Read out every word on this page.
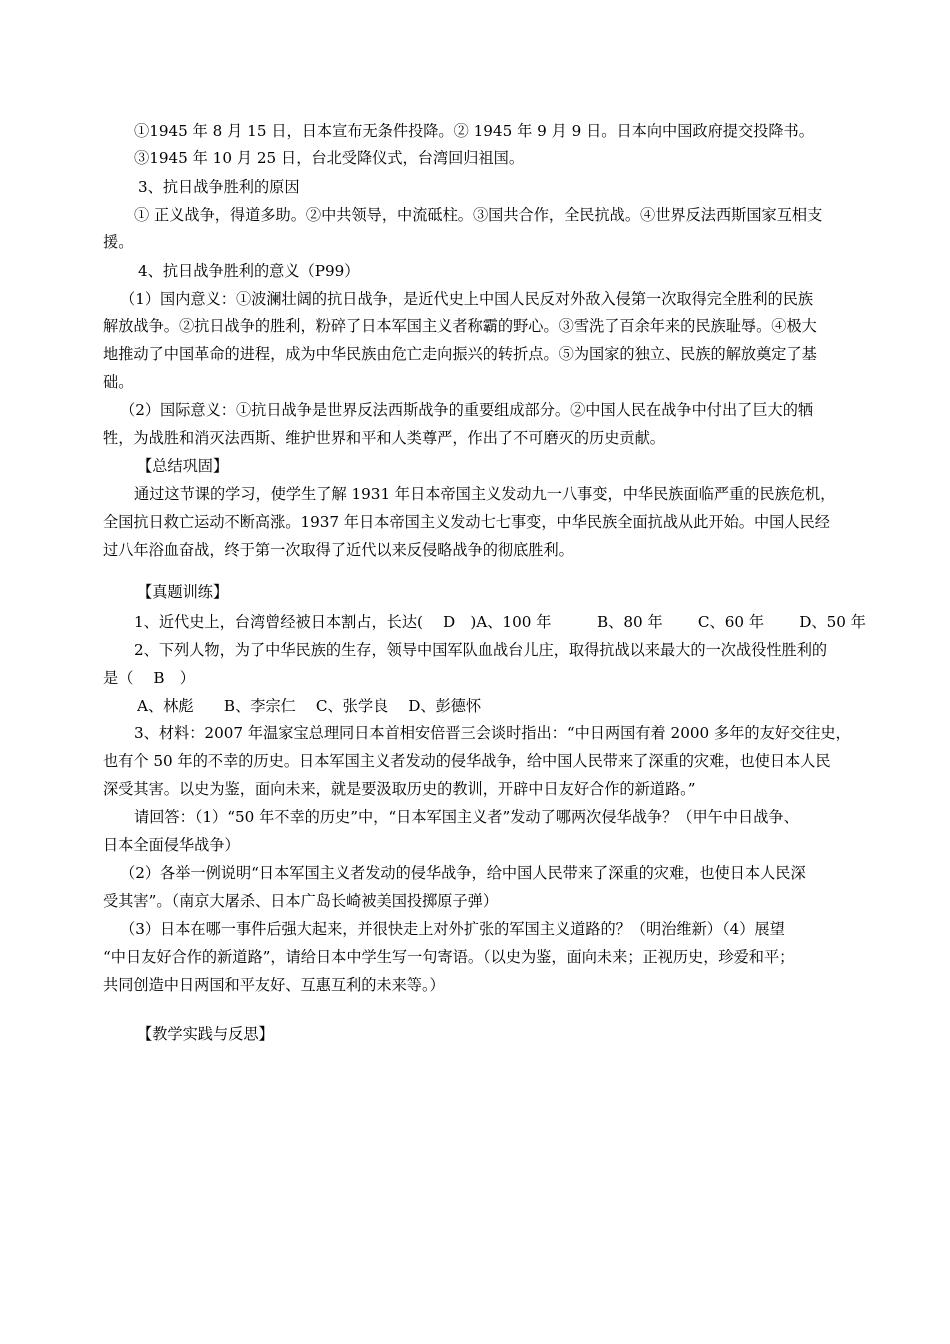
①1945 年 8 月 15 日，日本宣布无条件投降。② 1945 年 9 月 9 日。日本向中国政府提交投降书。
③1945 年 10 月 25 日，台北受降仪式，台湾回归祖国。
3、抗日战争胜利的原因
① 正义战争，得道多助。②中共领导，中流砥柱。③国共合作，全民抗战。④世界反法西斯国家互相支
援。
4、抗日战争胜利的意义（P99）
（1）国内意义：①波澜壮阔的抗日战争，是近代史上中国人民反对外敌入侵第一次取得完全胜利的民族
解放战争。②抗日战争的胜利，粉碎了日本军国主义者称霸的野心。③雪洗了百余年来的民族耻辱。④极大
地推动了中国革命的进程，成为中华民族由危亡走向振兴的转折点。⑤为国家的独立、民族的解放奠定了基
础。
（2）国际意义：①抗日战争是世界反法西斯战争的重要组成部分。②中国人民在战争中付出了巨大的牺
牲，为战胜和消灭法西斯、维护世界和平和人类尊严，作出了不可磨灭的历史贡献。
【总结巩固】
通过这节课的学习，使学生了解 1931 年日本帝国主义发动九一八事变，中华民族面临严重的民族危机，
全国抗日救亡运动不断高涨。1937 年日本帝国主义发动七七事变，中华民族全面抗战从此开始。中国人民经
过八年浴血奋战，终于第一次取得了近代以来反侵略战争的彻底胜利。
【真题训练】
1、近代史上，台湾曾经被日本割占，长达(　 D　)A、100 年　　　B、80 年　　 C、60 年　　 D、50 年
2、下列人物，为了中华民族的生存，领导中国军队血战台儿庄，取得抗战以来最大的一次战役性胜利的
是（　 B　）
A、林彪　　B、李宗仁　 C、张学良　 D、彭德怀
3、材料：2007 年温家宝总理同日本首相安倍晋三会谈时指出：“中日两国有着 2000 多年的友好交往史，
也有个 50 年的不幸的历史。日本军国主义者发动的侵华战争，给中国人民带来了深重的灾难，也使日本人民
深受其害。以史为鉴，面向未来，就是要汲取历史的教训，开辟中日友好合作的新道路。”
请回答：（1）“50 年不幸的历史”中，“日本军国主义者”发动了哪两次侵华战争？（甲午中日战争、
日本全面侵华战争）
（2）各举一例说明“日本军国主义者发动的侵华战争，给中国人民带来了深重的灾难，也使日本人民深
受其害”。（南京大屠杀、日本广岛长崎被美国投掷原子弹）
（3）日本在哪一事件后强大起来，并很快走上对外扩张的军国主义道路的？（明治维新）（4）展望
“中日友好合作的新道路”，请给日本中学生写一句寄语。（以史为鉴，面向未来；正视历史，珍爱和平；
共同创造中日两国和平友好、互惠互利的未来等。）
【教学实践与反思】
